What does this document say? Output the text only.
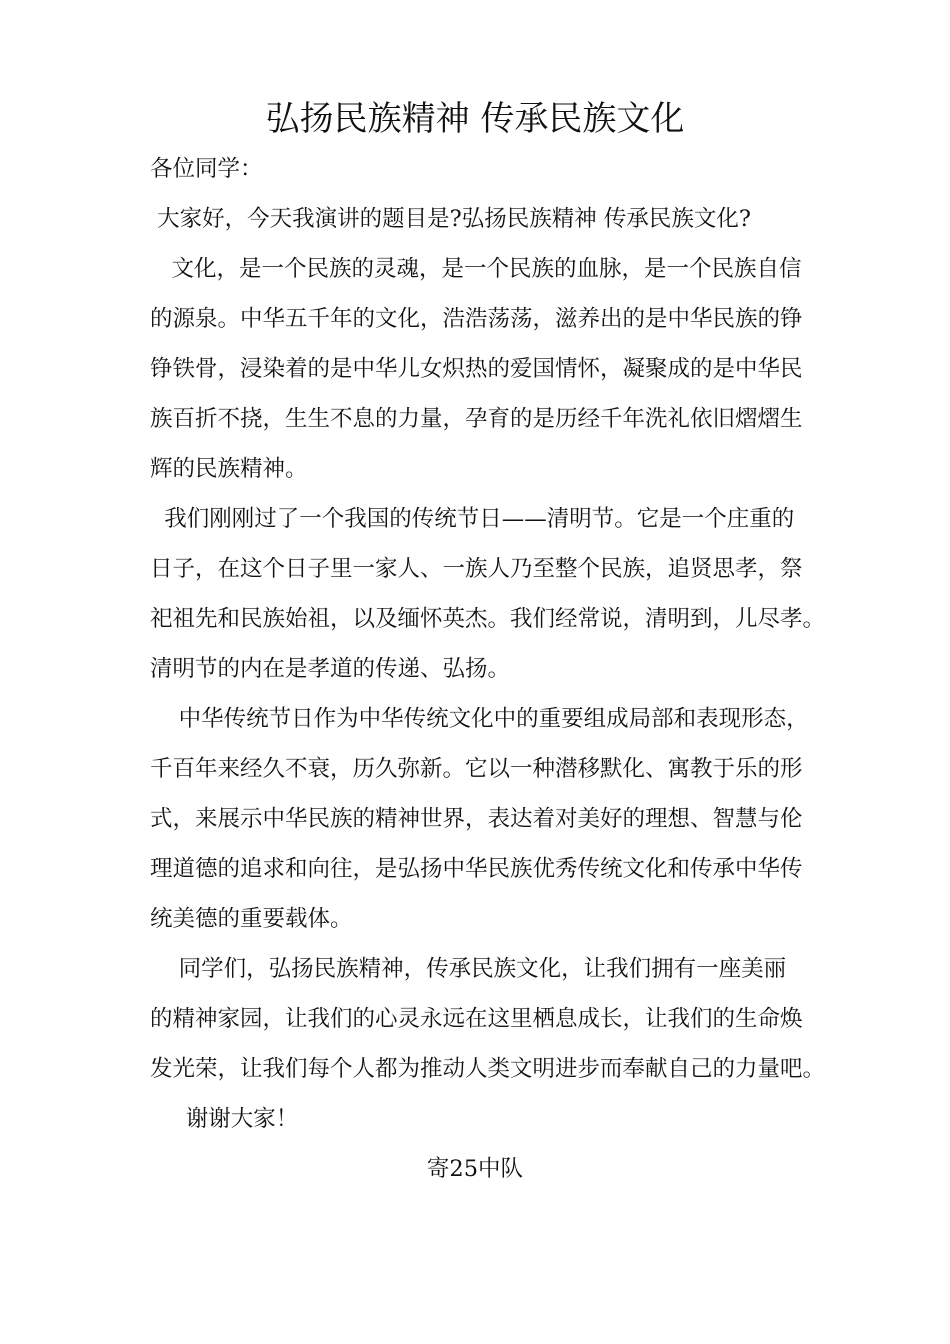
弘扬民族精神 传承民族文化
各位同学：
大家好，今天我演讲的题目是?弘扬民族精神 传承民族文化?
文化，是一个民族的灵魂，是一个民族的血脉，是一个民族自信
的源泉。中华五千年的文化，浩浩荡荡，滋养出的是中华民族的铮
铮铁骨，浸染着的是中华儿女炽热的爱国情怀，凝聚成的是中华民
族百折不挠，生生不息的力量，孕育的是历经千年洗礼依旧熠熠生
辉的民族精神。
我们刚刚过了一个我国的传统节日——清明节。它是一个庄重的
日子，在这个日子里一家人、一族人乃至整个民族，追贤思孝，祭
祀祖先和民族始祖，以及缅怀英杰。我们经常说，清明到，儿尽孝。
清明节的内在是孝道的传递、弘扬。
中华传统节日作为中华传统文化中的重要组成局部和表现形态，
千百年来经久不衰，历久弥新。它以一种潜移默化、寓教于乐的形
式，来展示中华民族的精神世界，表达着对美好的理想、智慧与伦
理道德的追求和向往，是弘扬中华民族优秀传统文化和传承中华传
统美德的重要载体。
同学们，弘扬民族精神，传承民族文化，让我们拥有一座美丽
的精神家园，让我们的心灵永远在这里栖息成长，让我们的生命焕
发光荣，让我们每个人都为推动人类文明进步而奉献自己的力量吧。
谢谢大家！
寄25中队
